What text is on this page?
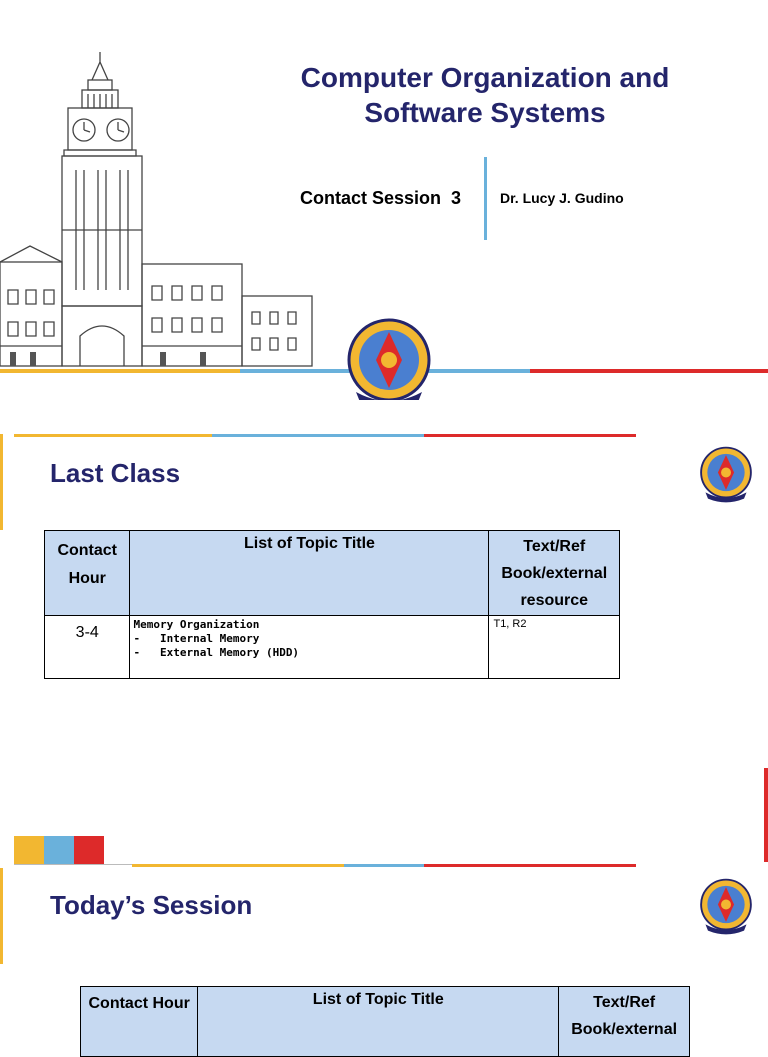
Computer Organization and
Software Systems
Contact Session  3	Dr. Lucy J. Gudino
Last Class
Contact Hour	List of Topic Title	Text/Ref Book/external resource
3-4	Memory Organization
- Internal Memory
- External Memory (HDD)	T1, R2
Today’s Session
Contact Hour	List of Topic Title	Text/Ref Book/external
